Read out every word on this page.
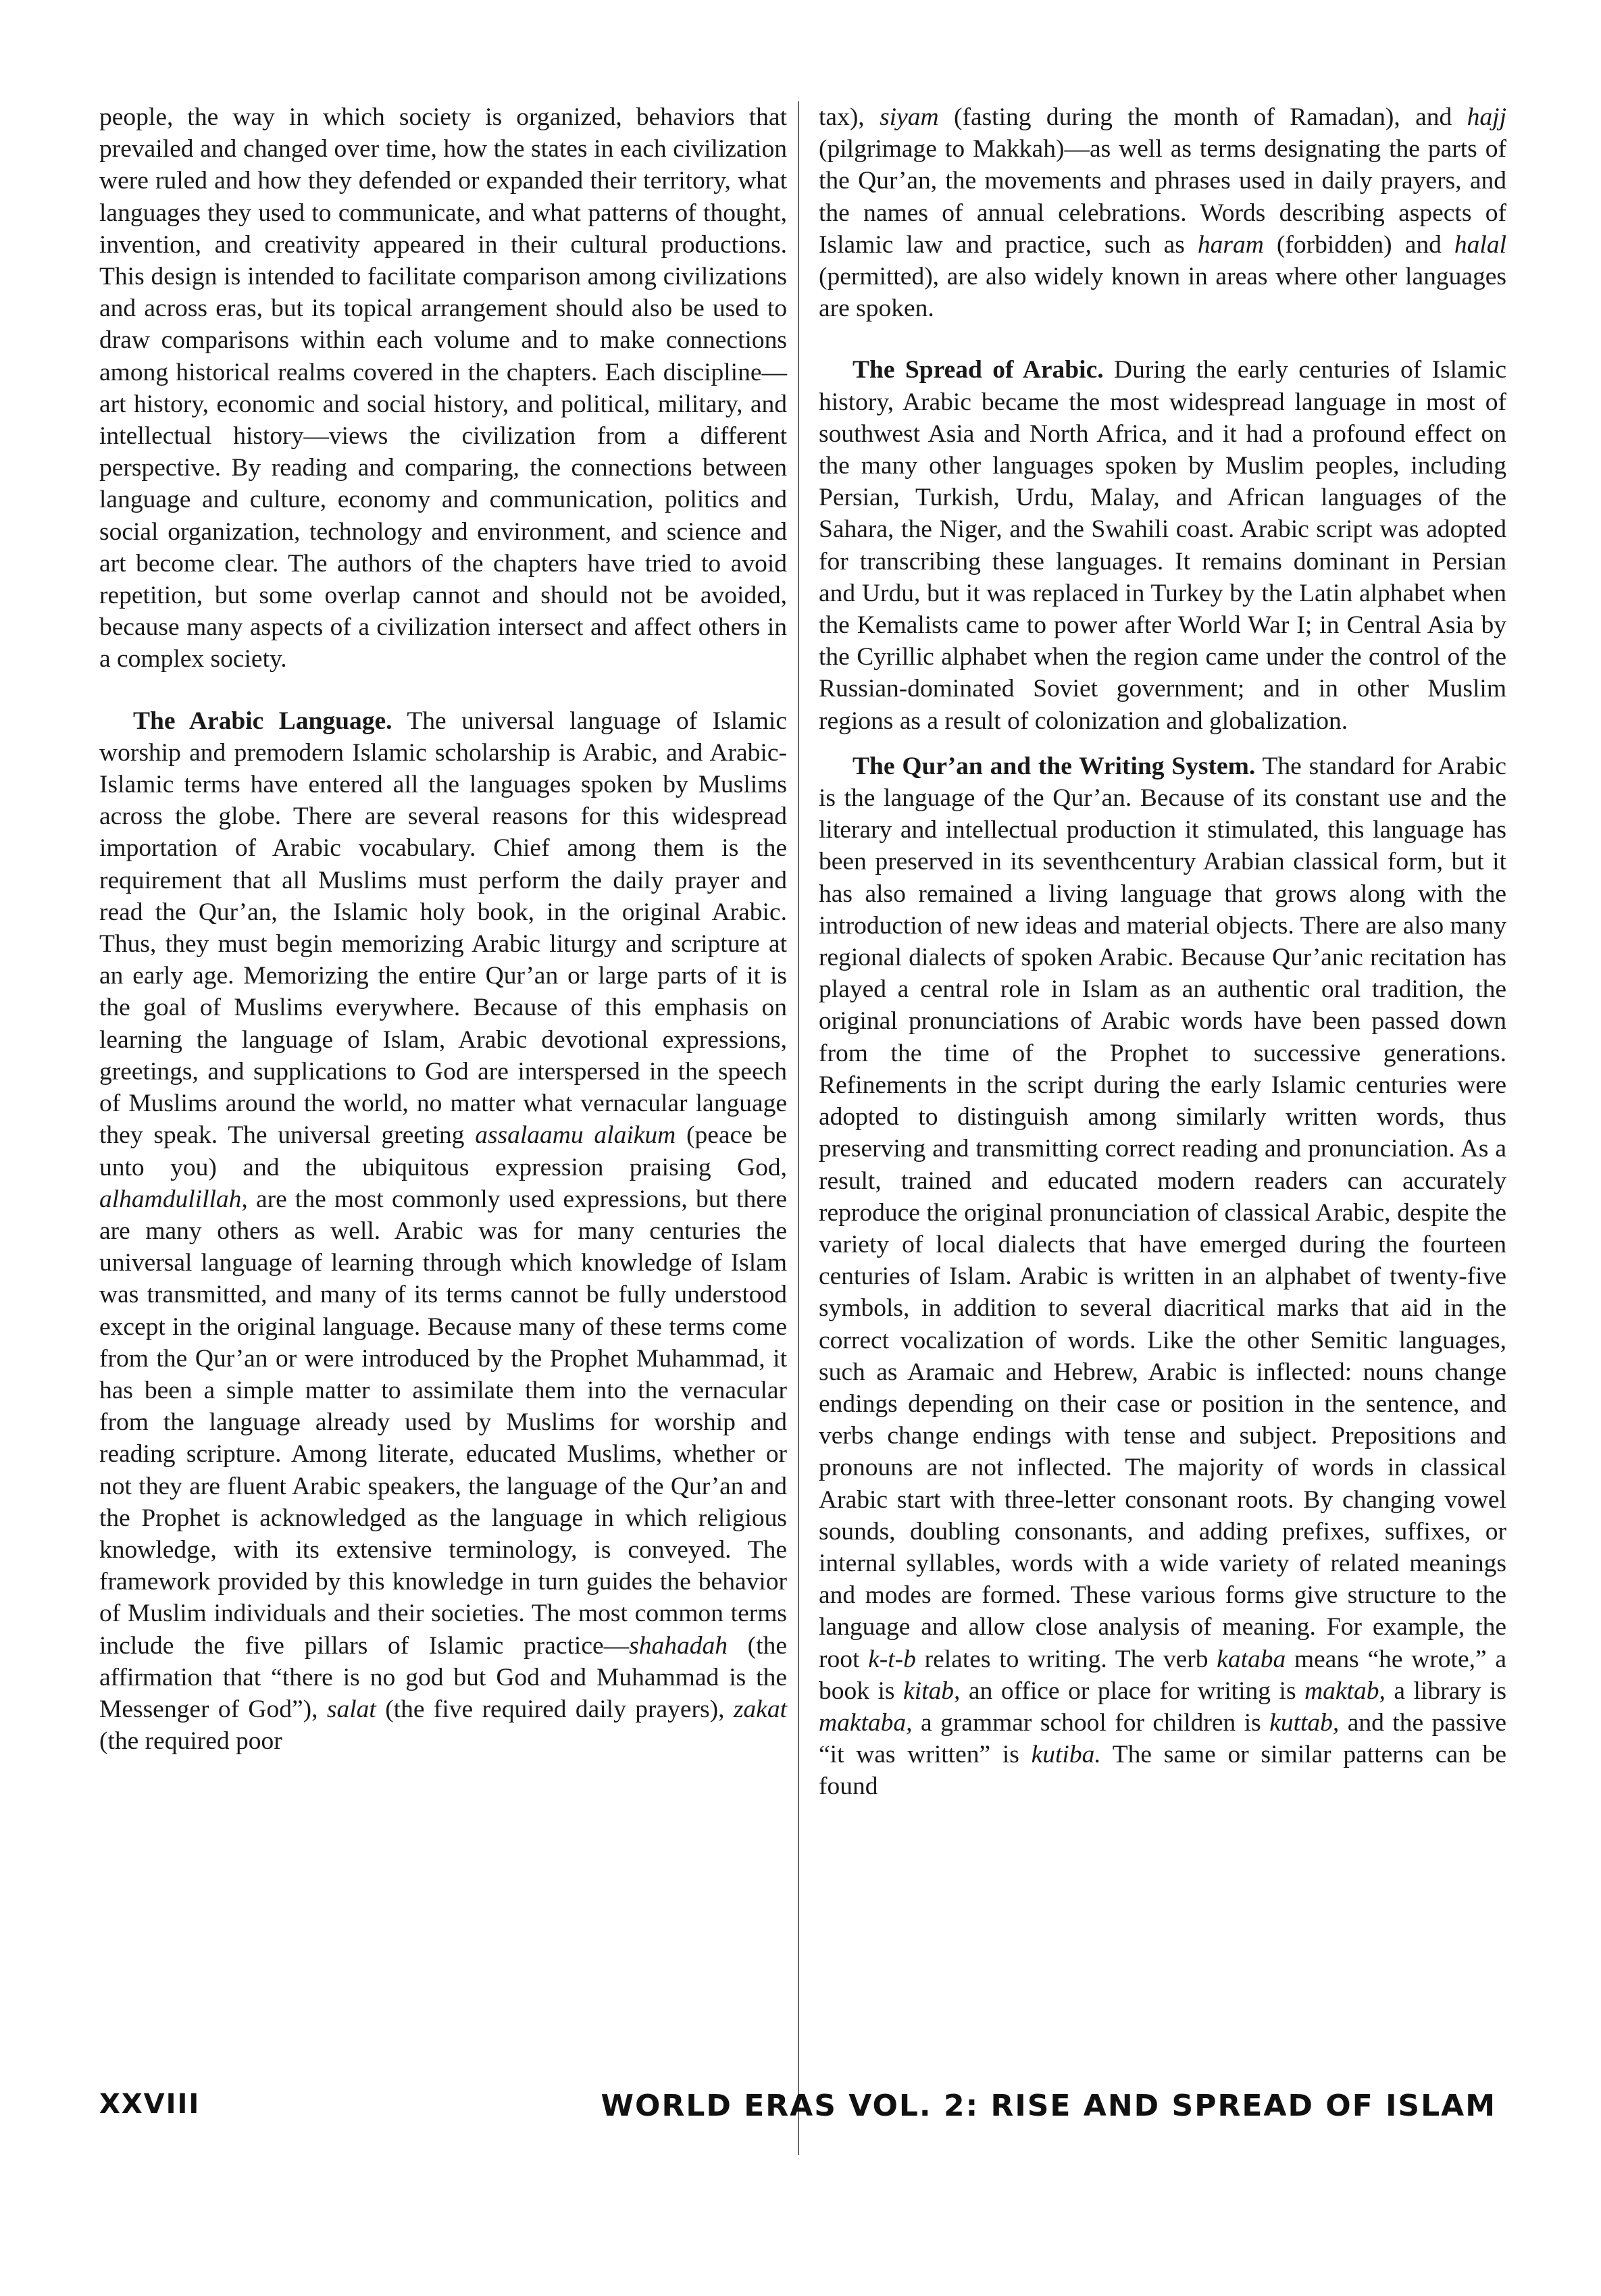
people, the way in which society is organized, behaviors that prevailed and changed over time, how the states in each civilization were ruled and how they defended or expanded their territory, what languages they used to communicate, and what patterns of thought, invention, and creativity appeared in their cultural productions. This design is intended to facilitate comparison among civilizations and across eras, but its topical arrangement should also be used to draw comparisons within each volume and to make connections among historical realms covered in the chapters. Each discipline—art history, economic and social history, and political, military, and intellectual history—views the civilization from a different perspective. By reading and comparing, the connections between language and culture, economy and communication, politics and social organization, technology and environment, and science and art become clear. The authors of the chapters have tried to avoid repetition, but some overlap cannot and should not be avoided, because many aspects of a civilization intersect and affect others in a complex society.

The Arabic Language. The universal language of Islamic worship and premodern Islamic scholarship is Arabic, and Arabic-Islamic terms have entered all the languages spoken by Muslims across the globe. There are several reasons for this widespread importation of Arabic vocabulary. Chief among them is the requirement that all Muslims must perform the daily prayer and read the Qur’an, the Islamic holy book, in the original Arabic. Thus, they must begin memorizing Arabic liturgy and scripture at an early age. Memorizing the entire Qur’an or large parts of it is the goal of Muslims everywhere. Because of this emphasis on learning the language of Islam, Arabic devotional expressions, greetings, and supplications to God are interspersed in the speech of Muslims around the world, no matter what vernacular language they speak. The universal greeting assalaamu alaikum (peace be unto you) and the ubiquitous expression praising God, alhamdulillah, are the most commonly used expressions, but there are many others as well. Arabic was for many centuries the universal language of learning through which knowledge of Islam was transmitted, and many of its terms cannot be fully understood except in the original language. Because many of these terms come from the Qur’an or were introduced by the Prophet Muhammad, it has been a simple matter to assimilate them into the vernacular from the language already used by Muslims for worship and reading scripture. Among literate, educated Muslims, whether or not they are fluent Arabic speakers, the language of the Qur’an and the Prophet is acknowledged as the language in which religious knowledge, with its extensive terminology, is conveyed. The framework provided by this knowledge in turn guides the behavior of Muslim individuals and their societies. The most common terms include the five pillars of Islamic practice—shahadah (the affirmation that “there is no god but God and Muhammad is the Messenger of God”), salat (the five required daily prayers), zakat (the required poor

tax), siyam (fasting during the month of Ramadan), and hajj (pilgrimage to Makkah)—as well as terms designating the parts of the Qur’an, the movements and phrases used in daily prayers, and the names of annual celebrations. Words describing aspects of Islamic law and practice, such as haram (forbidden) and halal (permitted), are also widely known in areas where other languages are spoken.

The Spread of Arabic. During the early centuries of Islamic history, Arabic became the most widespread language in most of southwest Asia and North Africa, and it had a profound effect on the many other languages spoken by Muslim peoples, including Persian, Turkish, Urdu, Malay, and African languages of the Sahara, the Niger, and the Swahili coast. Arabic script was adopted for transcribing these languages. It remains dominant in Persian and Urdu, but it was replaced in Turkey by the Latin alphabet when the Kemalists came to power after World War I; in Central Asia by the Cyrillic alphabet when the region came under the control of the Russian-dominated Soviet government; and in other Muslim regions as a result of colonization and globalization.

The Qur’an and the Writing System. The standard for Arabic is the language of the Qur’an. Because of its constant use and the literary and intellectual production it stimulated, this language has been preserved in its seventhcentury Arabian classical form, but it has also remained a living language that grows along with the introduction of new ideas and material objects. There are also many regional dialects of spoken Arabic. Because Qur’anic recitation has played a central role in Islam as an authentic oral tradition, the original pronunciations of Arabic words have been passed down from the time of the Prophet to successive generations. Refinements in the script during the early Islamic centuries were adopted to distinguish among similarly written words, thus preserving and transmitting correct reading and pronunciation. As a result, trained and educated modern readers can accurately reproduce the original pronunciation of classical Arabic, despite the variety of local dialects that have emerged during the fourteen centuries of Islam. Arabic is written in an alphabet of twenty-five symbols, in addition to several diacritical marks that aid in the correct vocalization of words. Like the other Semitic languages, such as Aramaic and Hebrew, Arabic is inflected: nouns change endings depending on their case or position in the sentence, and verbs change endings with tense and subject. Prepositions and pronouns are not inflected. The majority of words in classical Arabic start with three-letter consonant roots. By changing vowel sounds, doubling consonants, and adding prefixes, suffixes, or internal syllables, words with a wide variety of related meanings and modes are formed. These various forms give structure to the language and allow close analysis of meaning. For example, the root k-t-b relates to writing. The verb kataba means “he wrote,” a book is kitab, an office or place for writing is maktab, a library is maktaba, a grammar school for children is kuttab, and the passive “it was written” is kutiba. The same or similar patterns can be found

XXVIII	WORLD ERAS VOL. 2: RISE AND SPREAD OF ISLAM
